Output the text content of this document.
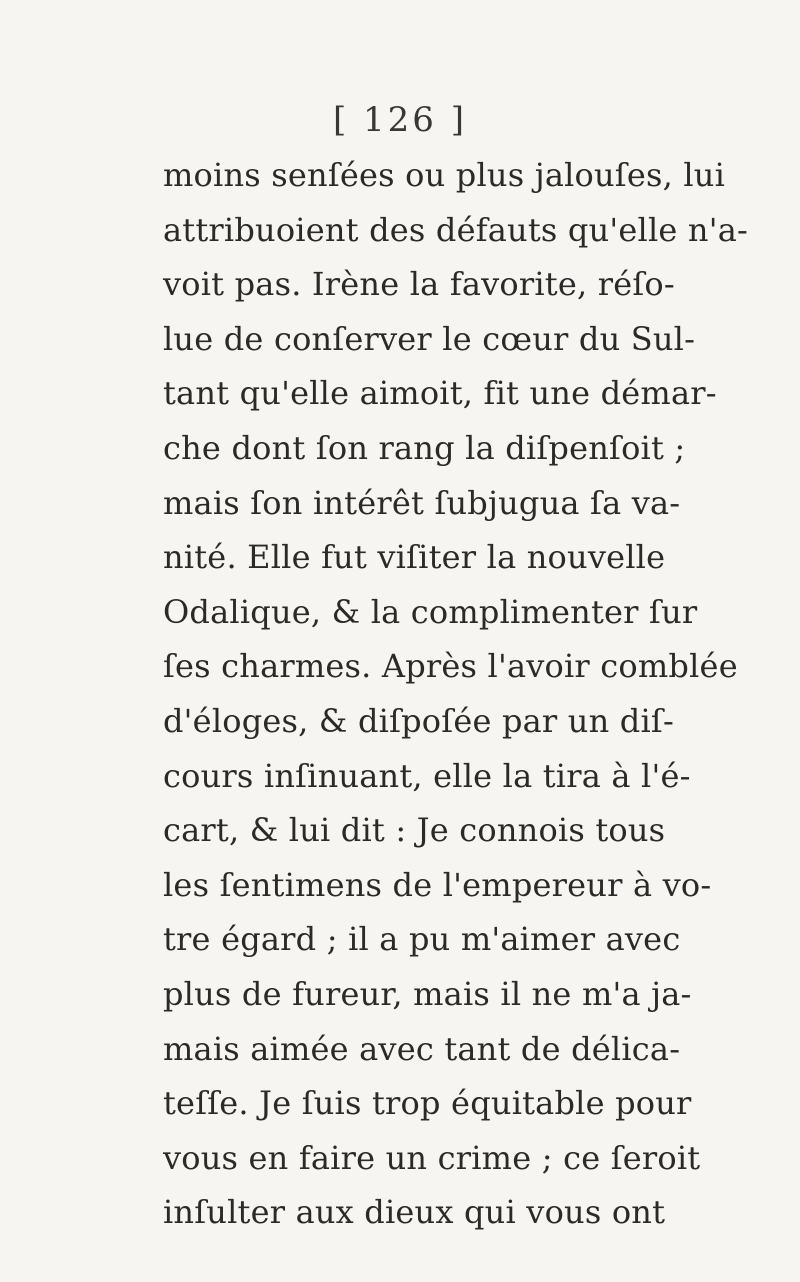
[ 126 ]
moins senſées ou plus jalouſes, lui
attribuoient des défauts qu'elle n'a-
voit pas. Irène la favorite, réſo-
lue de conſerver le cœur du Sul-
tant qu'elle aimoit, fit une démar-
che dont ſon rang la diſpenſoit ;
mais ſon intérêt ſubjugua ſa va-
nité. Elle fut viſiter la nouvelle
Odalique, & la complimenter ſur
ſes charmes. Après l'avoir comblée
d'éloges, & diſpoſée par un diſ-
cours inſinuant, elle la tira à l'é-
cart, & lui dit : Je connois tous
les ſentimens de l'empereur à vo-
tre égard ; il a pu m'aimer avec
plus de fureur, mais il ne m'a ja-
mais aimée avec tant de délica-
teſſe. Je ſuis trop équitable pour
vous en faire un crime ; ce ſeroit
inſulter aux dieux qui vous ont
